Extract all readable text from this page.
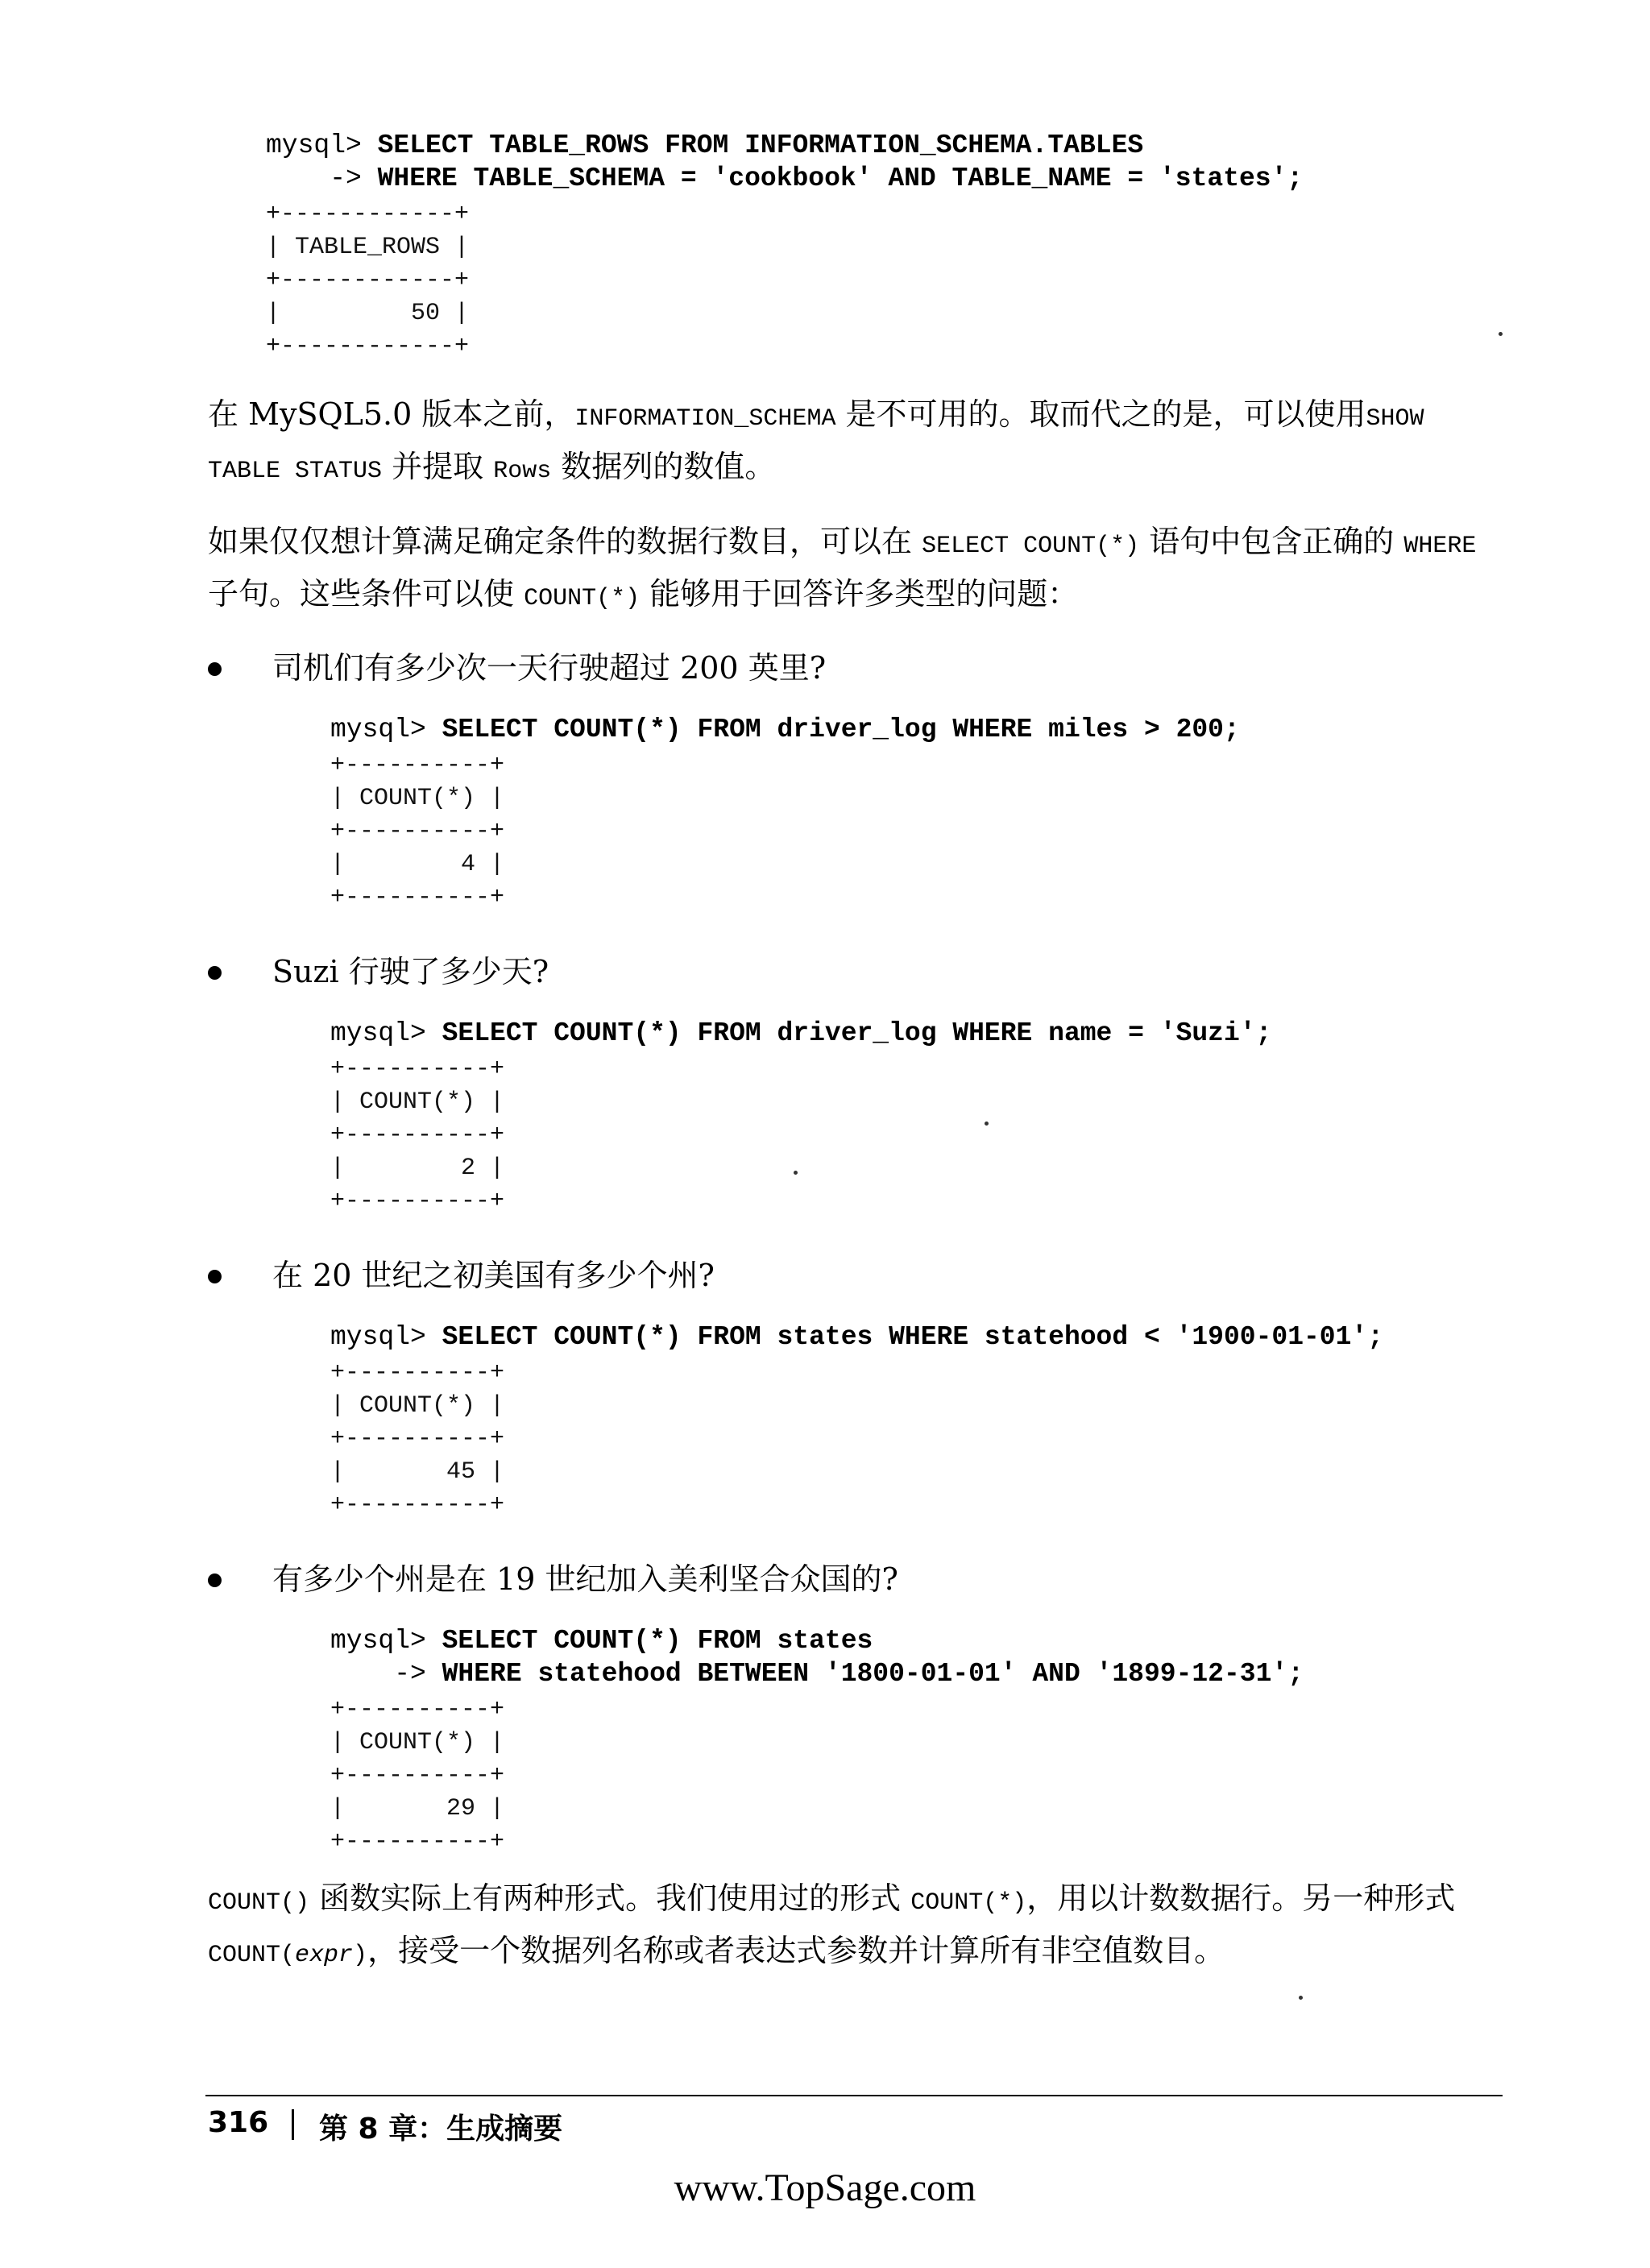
mysql> SELECT TABLE_ROWS FROM INFORMATION_SCHEMA.TABLES
-> WHERE TABLE_SCHEMA = 'cookbook' AND TABLE_NAME = 'states';
+------------+
| TABLE_ROWS |
+------------+
|         50 |
+------------+
在 MySQL5.0 版本之前，INFORMATION_SCHEMA 是不可用的。取而代之的是，可以使用SHOW TABLE STATUS 并提取 Rows 数据列的数值。
如果仅仅想计算满足确定条件的数据行数目，可以在 SELECT COUNT(*) 语句中包含正确的 WHERE 子句。这些条件可以使 COUNT(*) 能够用于回答许多类型的问题：
司机们有多少次一天行驶超过 200 英里?
mysql> SELECT COUNT(*) FROM driver_log WHERE miles > 200;
+----------+
| COUNT(*) |
+----------+
|        4 |
+----------+
Suzi 行驶了多少天?
mysql> SELECT COUNT(*) FROM driver_log WHERE name = 'Suzi';
+----------+
| COUNT(*) |
+----------+
|        2 |
+----------+
在 20 世纪之初美国有多少个州?
mysql> SELECT COUNT(*) FROM states WHERE statehood < '1900-01-01';
+----------+
| COUNT(*) |
+----------+
|       45 |
+----------+
有多少个州是在 19 世纪加入美利坚合众国的?
mysql> SELECT COUNT(*) FROM states
-> WHERE statehood BETWEEN '1800-01-01' AND '1899-12-31';
+----------+
| COUNT(*) |
+----------+
|       29 |
+----------+
COUNT() 函数实际上有两种形式。我们使用过的形式 COUNT(*)，用以计数数据行。另一种形式 COUNT(expr)，接受一个数据列名称或者表达式参数并计算所有非空值数目。
316 第 8 章：生成摘要
www.TopSage.com
